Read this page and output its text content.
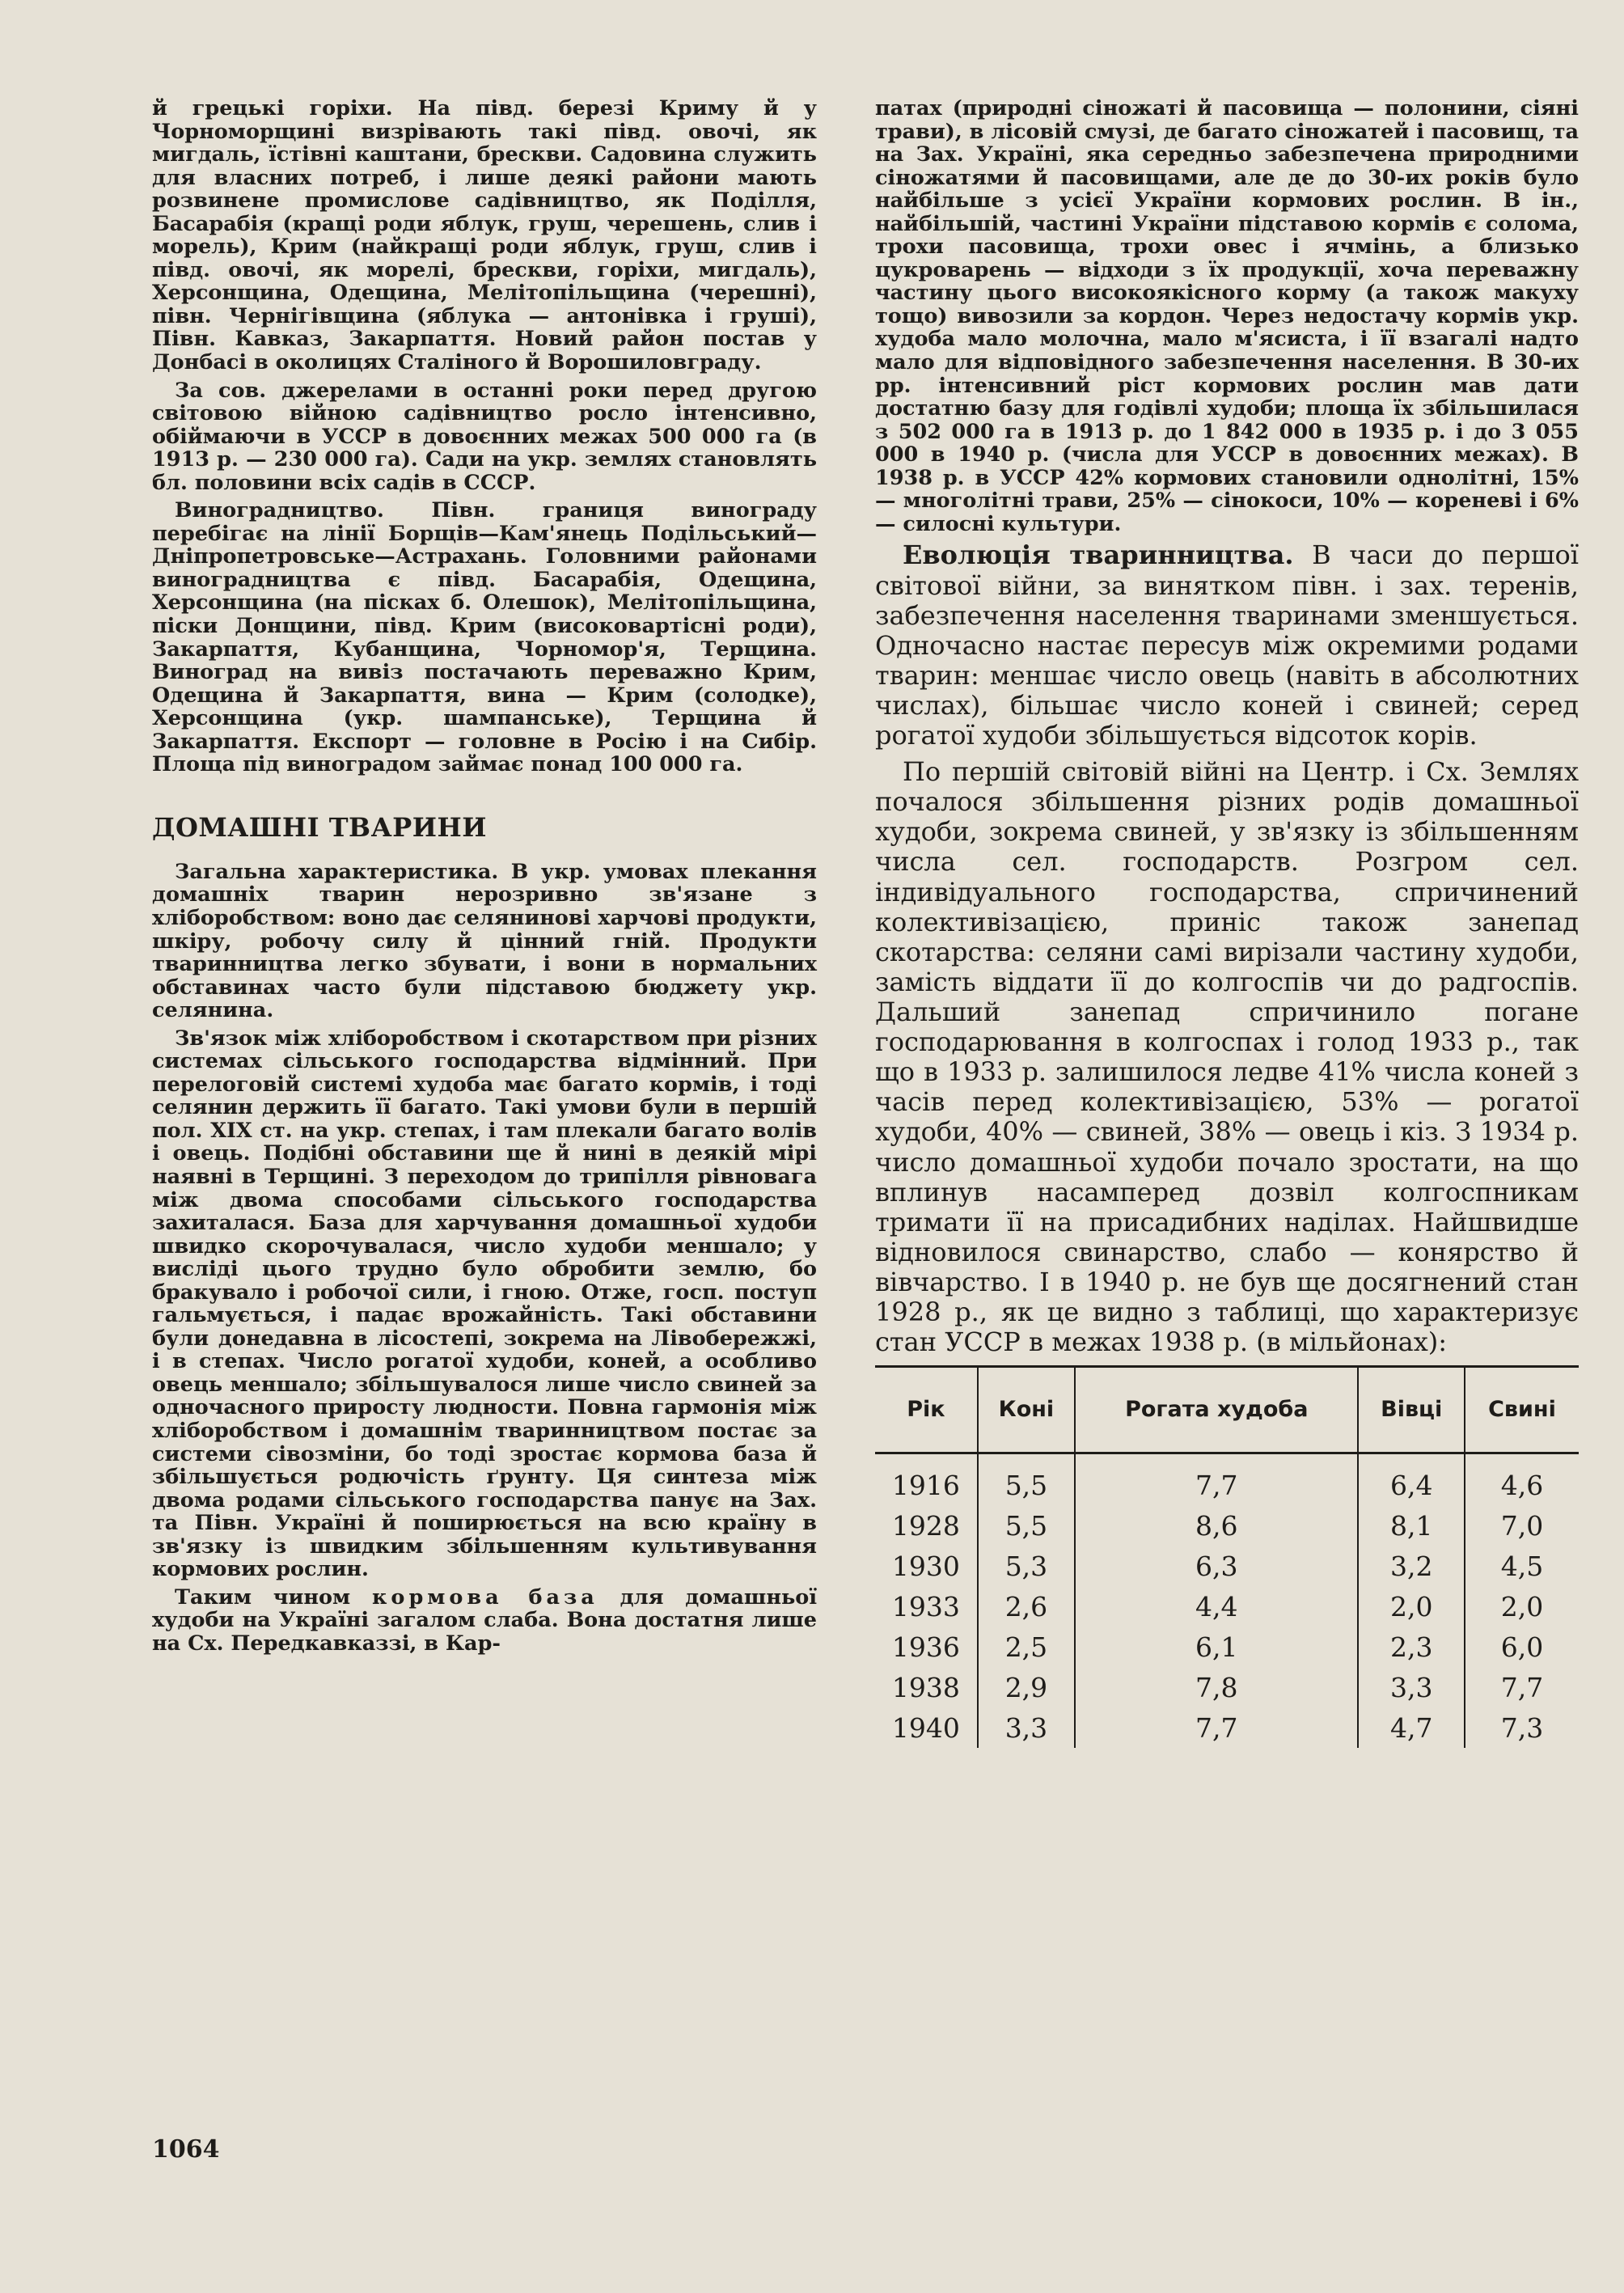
й грецькі горіхи. На півд. березі Криму й у Чорноморщині визрівають такі півд. овочі, як мигдаль, їстівні каштани, брескви. Садовина служить для власних потреб, і лише деякі райони мають розвинене промислове садівництво, як Поділля, Басарабія (кращі роди яблук, груш, черешень, слив і морель), Крим (найкращі роди яблук, груш, слив і півд. овочі, як морелі, брескви, горіхи, мигдаль), Херсонщина, Одещина, Мелітопільщина (черешні), півн. Чернігівщина (яблука — антонівка і груші), Півн. Кавказ, Закарпаття. Новий район постав у Донбасі в околицях Сталіного й Ворошиловграду.

За сов. джерелами в останні роки перед другою світовою війною садівництво росло інтенсивно, обіймаючи в УССР в довоєнних межах 500 000 га (в 1913 р. — 230 000 га). Сади на укр. землях становлять бл. половини всіх садів в СССР.

Виноградництво. Півн. границя винограду перебігає на лінії Борщів—Кам'янець Подільський—Дніпропетровське—Астрахань. Головними районами виноградництва є півд. Басарабія, Одещина, Херсонщина (на пісках б. Олешок), Мелітопільщина, піски Донщини, півд. Крим (високовартісні роди), Закарпаття, Кубанщина, Чорномор'я, Терщина. Виноград на вивіз постачають переважно Крим, Одещина й Закарпаття, вина — Крим (солодке), Херсонщина (укр. шампанське), Терщина й Закарпаття. Експорт — головне в Росію і на Сибір. Площа під виноградом займає понад 100 000 га.

ДОМАШНІ ТВАРИНИ

Загальна характеристика. В укр. умовах плекання домашніх тварин нерозривно зв'язане з хліборобством: воно дає селянинові харчові продукти, шкіру, робочу силу й цінний гній. Продукти тваринництва легко збувати, і вони в нормальних обставинах часто були підставою бюджету укр. селянина.

Зв'язок між хліборобством і скотарством при різних системах сільського господарства відмінний. При перелоговій системі худоба має багато кормів, і тоді селянин держить її багато. Такі умови були в першій пол. XIX ст. на укр. степах, і там плекали багато волів і овець. Подібні обставини ще й нині в деякій мірі наявні в Терщині. З переходом до трипілля рівновага між двома способами сільського господарства захиталася. База для харчування домашньої худоби швидко скорочувалася, число худоби меншало; у висліді цього трудно було обробити землю, бо бракувало і робочої сили, і гною. Отже, госп. поступ гальмується, і падає врожайність. Такі обставини були донедавна в лісостепі, зокрема на Лівобережжі, і в степах. Число рогатої худоби, коней, а особливо овець меншало; збільшувалося лише число свиней за одночасного приросту людности. Повна гармонія між хліборобством і домашнім тваринництвом постає за системи сівозміни, бо тоді зростає кормова база й збільшується родючість ґрунту. Ця синтеза між двома родами сільського господарства панує на Зах. та Півн. Україні й поширюється на всю країну в зв'язку із швидким збільшенням культивування кормових рослин.

Таким чином кормова база для домашньої худоби на Україні загалом слаба. Вона достатня лише на Сх. Передкавказзі, в Кар-

патах (природні сіножаті й пасовища — полонини, сіяні трави), в лісовій смузі, де багато сіножатей і пасовищ, та на Зах. Україні, яка середньо забезпечена природними сіножатями й пасовищами, але де до 30-их років було найбільше з усієї України кормових рослин. В ін., найбільшій, частині України підставою кормів є солома, трохи пасовища, трохи овес і ячмінь, а близько цукроварень — відходи з їх продукції, хоча переважну частину цього високоякісного корму (а також макуху тощо) вивозили за кордон. Через недостачу кормів укр. худоба мало молочна, мало м'ясиста, і її взагалі надто мало для відповідного забезпечення населення. В 30-их рр. інтенсивний ріст кормових рослин мав дати достатню базу для годівлі худоби; площа їх збільшилася з 502 000 га в 1913 р. до 1 842 000 в 1935 р. і до 3 055 000 в 1940 р. (числа для УССР в довоєнних межах). В 1938 р. в УССР 42% кормових становили однолітні, 15% — многолітні трави, 25% — сінокоси, 10% — кореневі і 6% — силосні культури.

Еволюція тваринництва. В часи до першої світової війни, за винятком півн. і зах. теренів, забезпечення населення тваринами зменшується. Одночасно настає пересув між окремими родами тварин: меншає число овець (навіть в абсолютних числах), більшає число коней і свиней; серед рогатої худоби збільшується відсоток корів.

По першій світовій війні на Центр. і Сх. Землях почалося збільшення різних родів домашньої худоби, зокрема свиней, у зв'язку із збільшенням числа сел. господарств. Розгром сел. індивідуального господарства, спричинений колективізацією, приніс також занепад скотарства: селяни самі вирізали частину худоби, замість віддати її до колгоспів чи до радгоспів. Дальший занепад спричинило погане господарювання в колгоспах і голод 1933 р., так що в 1933 р. залишилося ледве 41% числа коней з часів перед колективізацією, 53% — рогатої худоби, 40% — свиней, 38% — овець і кіз. З 1934 р. число домашньої худоби почало зростати, на що вплинув насамперед дозвіл колгоспникам тримати її на присадибних наділах. Найшвидше відновилося свинарство, слабо — конярство й вівчарство. І в 1940 р. не був ще досягнений стан 1928 р., як це видно з таблиці, що характеризує стан УССР в межах 1938 р. (в мільйонах):

Рік	Коні	Рогата худоба	Вівці	Свині
1916	5,5	7,7	6,4	4,6
1928	5,5	8,6	8,1	7,0
1930	5,3	6,3	3,2	4,5
1933	2,6	4,4	2,0	2,0
1936	2,5	6,1	2,3	6,0
1938	2,9	7,8	3,3	7,7
1940	3,3	7,7	4,7	7,3
1064
